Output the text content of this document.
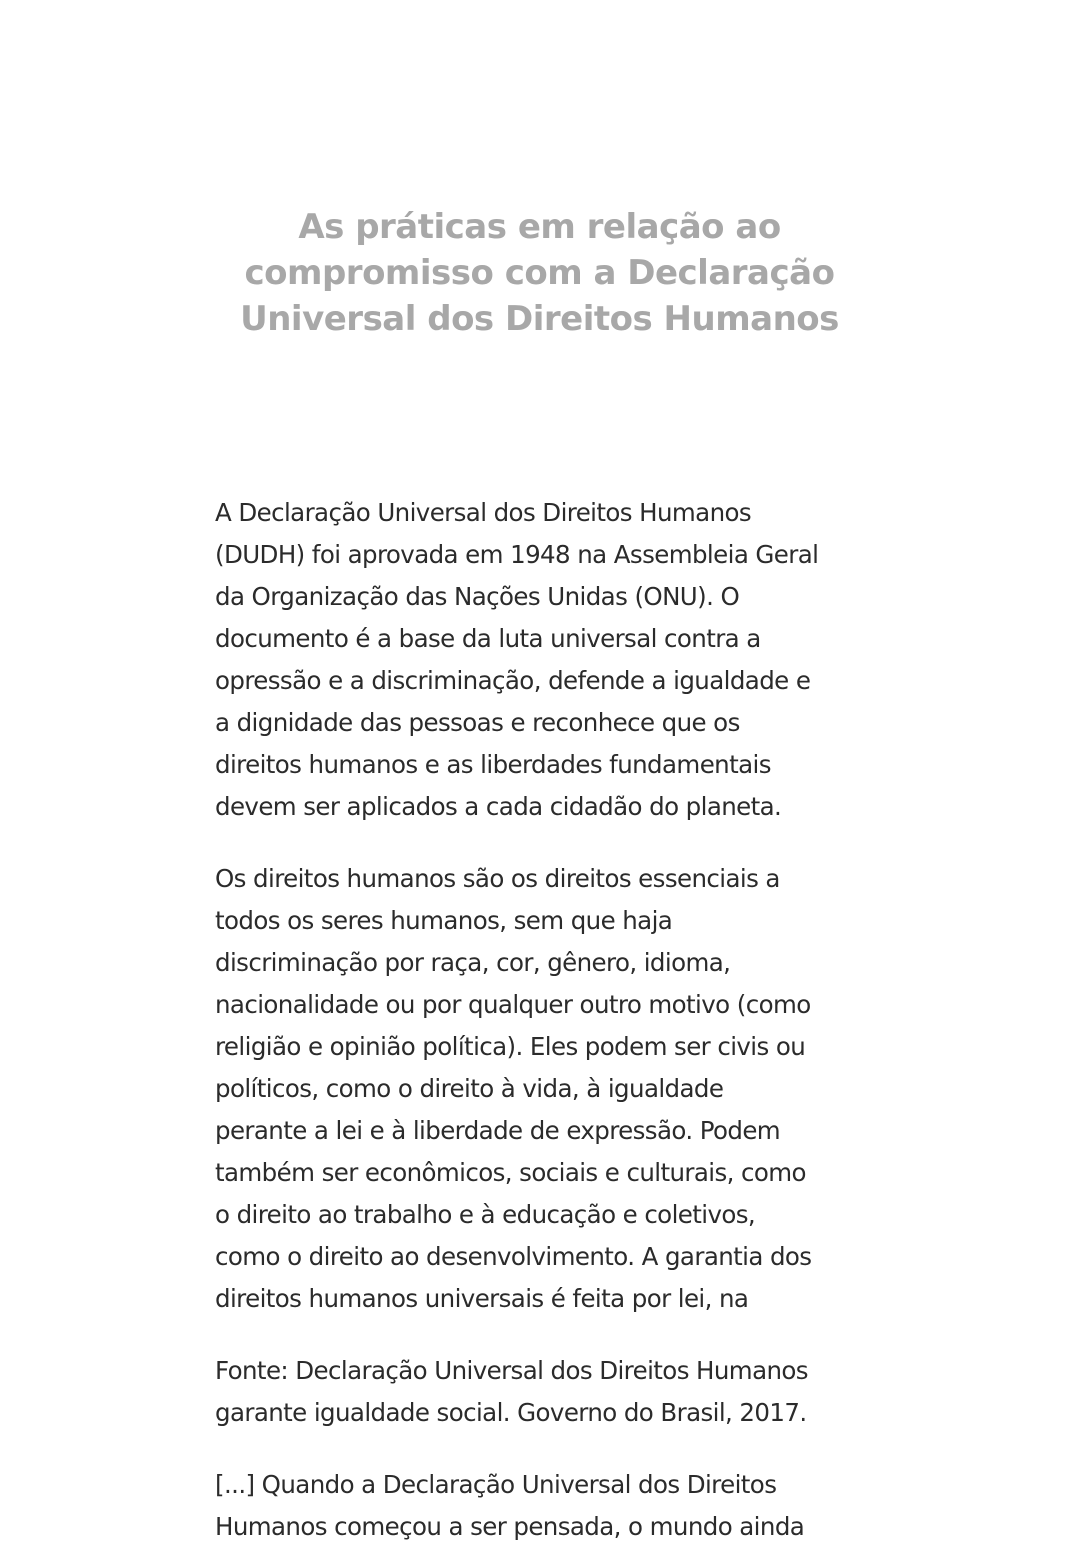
As práticas em relação ao
compromisso com a Declaração
Universal dos Direitos Humanos

A Declaração Universal dos Direitos Humanos
(DUDH) foi aprovada em 1948 na Assembleia Geral
da Organização das Nações Unidas (ONU). O
documento é a base da luta universal contra a
opressão e a discriminação, defende a igualdade e
a dignidade das pessoas e reconhece que os
direitos humanos e as liberdades fundamentais
devem ser aplicados a cada cidadão do planeta.

Os direitos humanos são os direitos essenciais a
todos os seres humanos, sem que haja
discriminação por raça, cor, gênero, idioma,
nacionalidade ou por qualquer outro motivo (como
religião e opinião política). Eles podem ser civis ou
políticos, como o direito à vida, à igualdade
perante a lei e à liberdade de expressão. Podem
também ser econômicos, sociais e culturais, como
o direito ao trabalho e à educação e coletivos,
como o direito ao desenvolvimento. A garantia dos
direitos humanos universais é feita por lei, na

Fonte: Declaração Universal dos Direitos Humanos
garante igualdade social. Governo do Brasil, 2017.

[...] Quando a Declaração Universal dos Direitos
Humanos começou a ser pensada, o mundo ainda
